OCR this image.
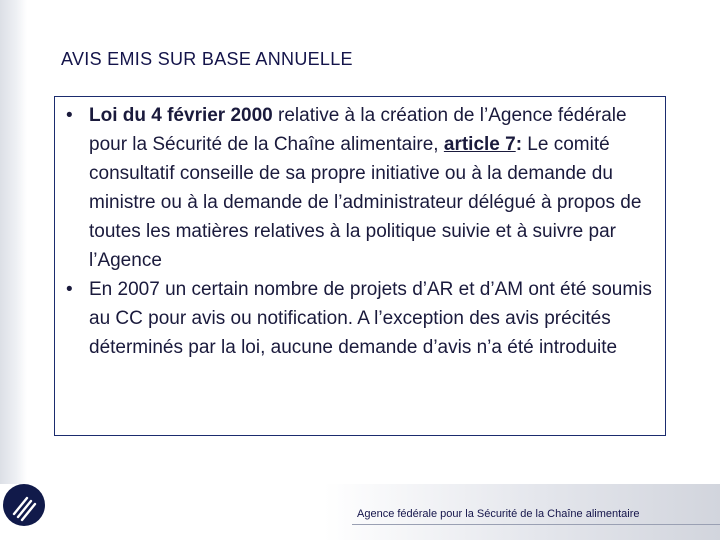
AVIS EMIS SUR BASE ANNUELLE
• Loi du 4 février 2000 relative à la création de l’Agence fédérale pour la Sécurité de la Chaîne alimentaire, article 7: Le comité consultatif conseille de sa propre initiative ou à la demande du ministre ou à la demande de l’administrateur délégué à propos de toutes les matières relatives à la politique suivie et à suivre par l’Agence
• En 2007 un certain nombre de projets d’AR et d’AM ont été soumis au CC pour avis ou notification. A l’exception des avis précités déterminés par la loi, aucune demande d’avis n’a été introduite
Agence fédérale pour la Sécurité de la Chaîne alimentaire
